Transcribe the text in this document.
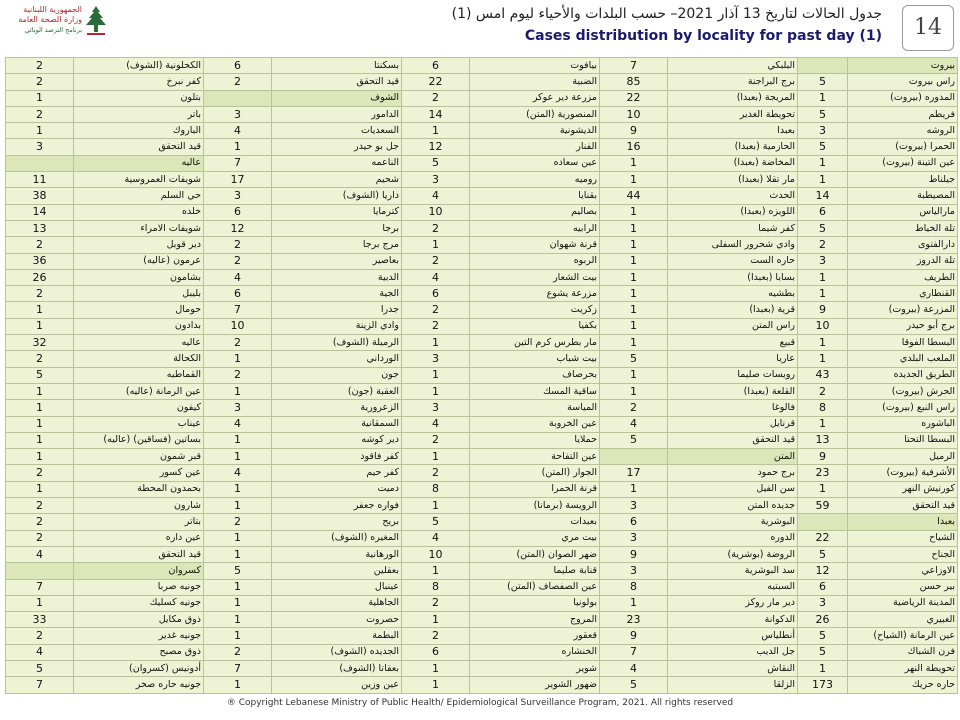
الجمهورية اللبنانية
وزارة الصحة العامة
برنامج الترصد الوبائي
جدول الحالات لتاريخ 13 آذار 2021– حسب البلدات والأحياء ليوم امس (1)
Cases distribution by locality for past day (1)	14
2	الكحلونية (الشوف)	6	بسكنتا	6	بيافوت	7	البلبكي		بيروت
2	كفر نبرخ	2	قيد التحقق	22	الضبية	85	برج البراجنة	5	راس بيروت
1	بتلون		الشوف	2	مزرعة دير عوكر	22	المريجة (بعبدا)	1	المدوره (بيروت)
2	باتر	3	الدامور	14	المنصورية (المتن)	10	تحويطة الغدير	5	فريطم
1	الباروك	4	السعديات	1	الديشونية	9	بعبدا	3	الروشه
3	قيد التحقق	1	جل بو حيدر	12	الفنار	16	الحازمية (بعبدا)	5	الحمرا (بيروت)
	عاليه	7	الناعمه	5	عين سعاده	1	المخاضة (بعبدا)	1	عين التينة (بيروت)
11	شويفات العمروسية	17	شحيم	3	روميه	1	مار تقلا (بعبدا)	1	جيلناط
38	حي السلم	3	داريا (الشوف)	4	بقنايا	44	الحدث	14	المصيطبة
14	خلده	6	كترمايا	10	بصاليم	1	اللويزه (بعبدا)	6	مارالياس
13	شويفات الامراء	12	برجا	2	الرابيه	1	كفر شيما	5	تلة الخياط
2	دير قوبل	2	مرج برجا	1	قرنة شهوان	1	وادي شحرور السفلى	2	دارالفتوى
36	عرمون (عاليه)	2	بعاصير	2	الربوه	1	حاره الست	3	تلة الدروز
26	بشامون	4	الدبية	4	بيت الشعار	1	بسابا (بعبدا)	1	الطريف
2	بليبل	6	الجية	6	مزرعة يشوع	1	بطشيه	1	القنطاري
1	حومال	7	جدرا	2	زكريت	1	قرية (بعبدا)	9	المزرعة (بيروت)
1	بدادون	10	وادي الزينة	2	بكفيا	1	راس المتن	10	برج أبو حيدر
32	عاليه	2	الرميلة (الشوف)	1	مار بطرس كرم التين	1	قبيع	1	البسطا الفوقا
2	الكحالة	1	الورداني	3	بيت شباب	5	عاريا	1	الملعب البلدي
5	القماطيه	2	جون	1	بحرصاف	1	رويسات صليما	43	الطريق الجديده
1	عين الرمانة (عاليه)	1	العقبة (جون)	1	ساقية المسك	1	القلعة (بعبدا)	2	الحرش (بيروت)
1	كيفون	3	الزعرورية	3	المياسة	2	فالوغا	8	راس النبع (بيروت)
1	عيناب	4	السمقانية	4	عين الخروبة	4	قرنايل	1	الباشوره
1	بساتين (فساقين) (عاليه)	1	دير كوشه	2	حملايا	5	قيد التحقق	13	البسطا التحتا
1	قبر شمون	1	كفر فاقود	1	عين التفاحة		المتن	9	الرميل
2	عين كسور	4	كفر حيم	2	الجوار (المتن)	17	برج حمود	23	الأشرفية (بيروت)
1	بحمدون المحطة	1	دميت	8	قرنة الحمرا	1	سن الفيل	1	كورنيش النهر
2	شارون	1	فواره جعفر	1	الرويسة (برمانا)	3	جديده المتن	59	قيد التحقق
2	بتاتر	2	بريح	5	بعبدات	6	البوشرية		بعبدا
2	عين داره	1	المغيره (الشوف)	4	بيت مري	3	الدوره	22	الشياح
4	قيد التحقق	1	الورهانية	10	ضهر الصوان (المتن)	9	الروضة (بوشرية)	5	الجناح
	كسروان	5	بعقلين	1	قنابة صليما	3	سد البوشرية	12	الاوزاعي
7	جونيه صربا	1	عينبال	8	عين الصفصاف (المتن)	8	السبتيه	6	بير حسن
1	جونيه كسليك	1	الجاهلية	2	بولونيا	1	دير مار روكز	3	المدينة الرياضية
33	ذوق مكايل	1	حصروت	1	المروج	23	الدكوانة	26	الغبيري
2	جونيه غدير	1	البطمة	2	قعقور	9	أنطلياس	5	عين الرمانة (الشياح)
4	ذوق مصبح	2	الجديده (الشوف)	6	الخنشاره	7	جل الديب	5	فرن الشباك
5	أدونيس (كسروان)	7	بعقاتا (الشوف)	1	شوير	4	النقاش	1	تحويطة النهر
7	جونيه حاره صخر	1	عين وزين	1	ضهور الشوير	5	الزلقا	173	حاره حريك
® Copyright Lebanese Ministry of Public Health/ Epidemiological Surveillance Program, 2021. All rights reserved
